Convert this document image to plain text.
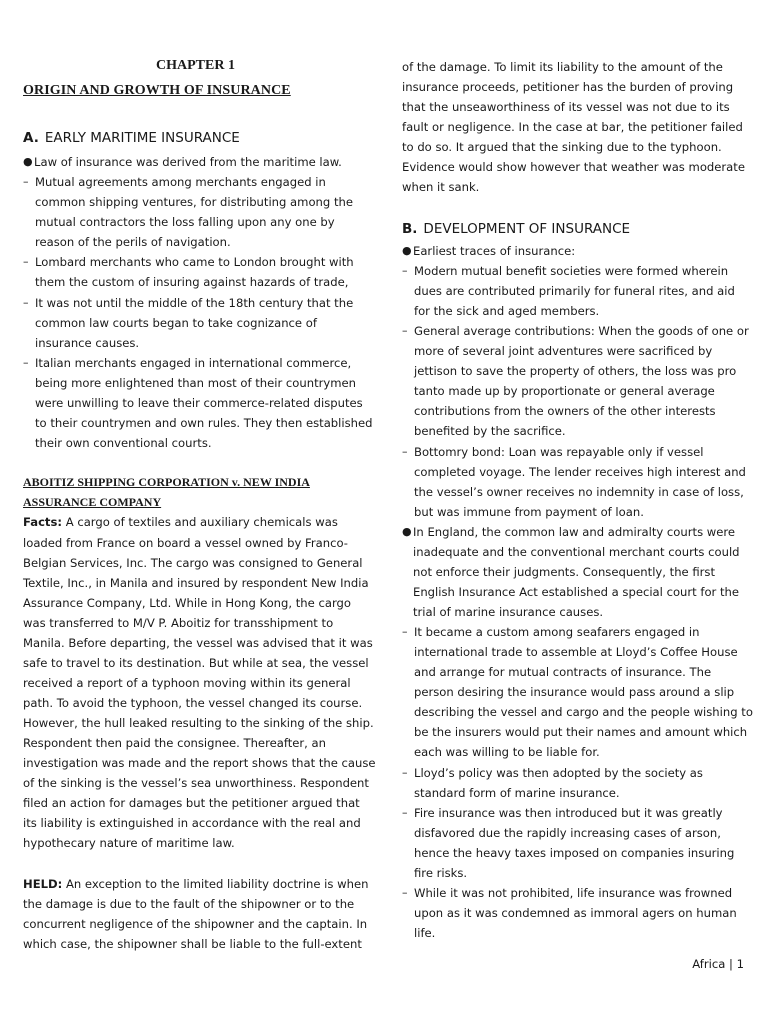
CHAPTER 1
ORIGIN AND GROWTH OF INSURANCE
A. EARLY MARITIME INSURANCE
● Law of insurance was derived from the maritime law.
– Mutual agreements among merchants engaged in
common shipping ventures, for distributing among the
mutual contractors the loss falling upon any one by
reason of the perils of navigation.
– Lombard merchants who came to London brought with
them the custom of insuring against hazards of trade,
– It was not until the middle of the 18th century that the
common law courts began to take cognizance of
insurance causes.
– Italian merchants engaged in international commerce,
being more enlightened than most of their countrymen
were unwilling to leave their commerce-related disputes
to their countrymen and own rules. They then established
their own conventional courts.
ABOITIZ SHIPPING CORPORATION v. NEW INDIA
ASSURANCE COMPANY
Facts: A cargo of textiles and auxiliary chemicals was
loaded from France on board a vessel owned by Franco-
Belgian Services, Inc. The cargo was consigned to General
Textile, Inc., in Manila and insured by respondent New India
Assurance Company, Ltd. While in Hong Kong, the cargo
was transferred to M/V P. Aboitiz for transshipment to
Manila. Before departing, the vessel was advised that it was
safe to travel to its destination. But while at sea, the vessel
received a report of a typhoon moving within its general
path. To avoid the typhoon, the vessel changed its course.
However, the hull leaked resulting to the sinking of the ship.
Respondent then paid the consignee. Thereafter, an
investigation was made and the report shows that the cause
of the sinking is the vessel’s sea unworthiness. Respondent
filed an action for damages but the petitioner argued that
its liability is extinguished in accordance with the real and
hypothecary nature of maritime law.
HELD: An exception to the limited liability doctrine is when
the damage is due to the fault of the shipowner or to the
concurrent negligence of the shipowner and the captain. In
which case, the shipowner shall be liable to the full-extent
of the damage. To limit its liability to the amount of the
insurance proceeds, petitioner has the burden of proving
that the unseaworthiness of its vessel was not due to its
fault or negligence. In the case at bar, the petitioner failed
to do so. It argued that the sinking due to the typhoon.
Evidence would show however that weather was moderate
when it sank.
B. DEVELOPMENT OF INSURANCE
● Earliest traces of insurance:
– Modern mutual benefit societies were formed wherein
dues are contributed primarily for funeral rites, and aid
for the sick and aged members.
– General average contributions: When the goods of one or
more of several joint adventures were sacrificed by
jettison to save the property of others, the loss was pro
tanto made up by proportionate or general average
contributions from the owners of the other interests
benefited by the sacrifice.
– Bottomry bond: Loan was repayable only if vessel
completed voyage. The lender receives high interest and
the vessel’s owner receives no indemnity in case of loss,
but was immune from payment of loan.
● In England, the common law and admiralty courts were
inadequate and the conventional merchant courts could
not enforce their judgments. Consequently, the first
English Insurance Act established a special court for the
trial of marine insurance causes.
– It became a custom among seafarers engaged in
international trade to assemble at Lloyd’s Coffee House
and arrange for mutual contracts of insurance. The
person desiring the insurance would pass around a slip
describing the vessel and cargo and the people wishing to
be the insurers would put their names and amount which
each was willing to be liable for.
– Lloyd’s policy was then adopted by the society as
standard form of marine insurance.
– Fire insurance was then introduced but it was greatly
disfavored due the rapidly increasing cases of arson,
hence the heavy taxes imposed on companies insuring
fire risks.
– While it was not prohibited, life insurance was frowned
upon as it was condemned as immoral agers on human
life.
Africa | 1
